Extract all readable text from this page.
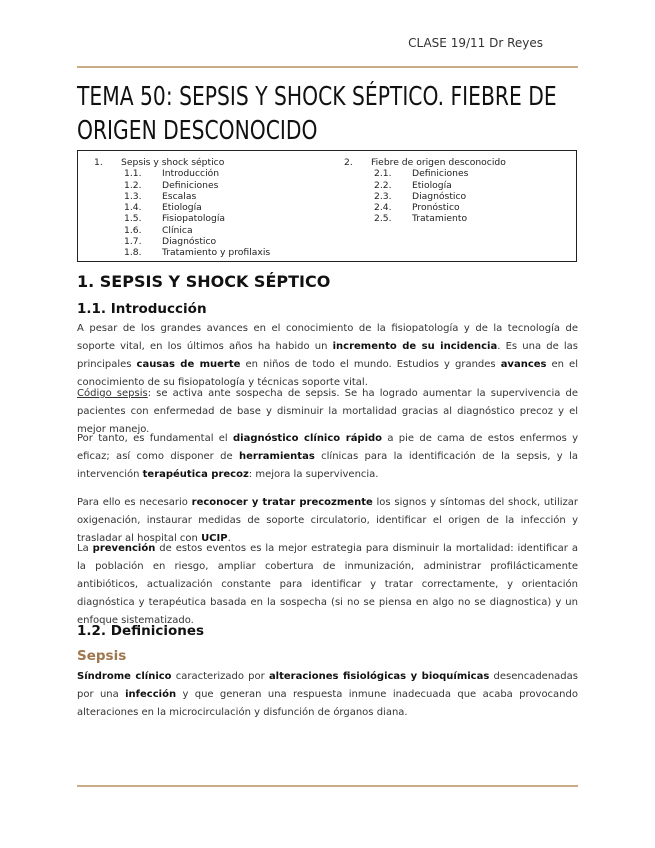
CLASE 19/11 Dr Reyes
TEMA 50: SEPSIS Y SHOCK SÉPTICO. FIEBRE DE
ORIGEN DESCONOCIDO
1. Sepsis y shock séptico
1.1. Introducción
1.2. Definiciones
1.3. Escalas
1.4. Etiología
1.5. Fisiopatología
1.6. Clínica
1.7. Diagnóstico
1.8. Tratamiento y profilaxis
2. Fiebre de origen desconocido
2.1. Definiciones
2.2. Etiología
2.3. Diagnóstico
2.4. Pronóstico
2.5. Tratamiento
1. SEPSIS Y SHOCK SÉPTICO
1.1. Introducción

A pesar de los grandes avances en el conocimiento de la fisiopatología y de la tecnología de soporte vital, en los últimos años ha habido un incremento de su incidencia. Es una de las principales causas de muerte en niños de todo el mundo. Estudios y grandes avances en el conocimiento de su fisiopatología y técnicas soporte vital.

Código sepsis: se activa ante sospecha de sepsis. Se ha logrado aumentar la supervivencia de pacientes con enfermedad de base y disminuir la mortalidad gracias al diagnóstico precoz y el mejor manejo.

Por tanto, es fundamental el diagnóstico clínico rápido a pie de cama de estos enfermos y eficaz; así como disponer de herramientas clínicas para la identificación de la sepsis, y la intervención terapéutica precoz: mejora la supervivencia.

Para ello es necesario reconocer y tratar precozmente los signos y síntomas del shock, utilizar oxigenación, instaurar medidas de soporte circulatorio, identificar el origen de la infección y trasladar al hospital con UCIP.

La prevención de estos eventos es la mejor estrategia para disminuir la mortalidad: identificar a la población en riesgo, ampliar cobertura de inmunización, administrar profilácticamente antibióticos, actualización constante para identificar y tratar correctamente, y orientación diagnóstica y terapéutica basada en la sospecha (si no se piensa en algo no se diagnostica) y un enfoque sistematizado.

1.2. Definiciones
Sepsis

Síndrome clínico caracterizado por alteraciones fisiológicas y bioquímicas desencadenadas por una infección y que generan una respuesta inmune inadecuada que acaba provocando alteraciones en la microcirculación y disfunción de órganos diana.
